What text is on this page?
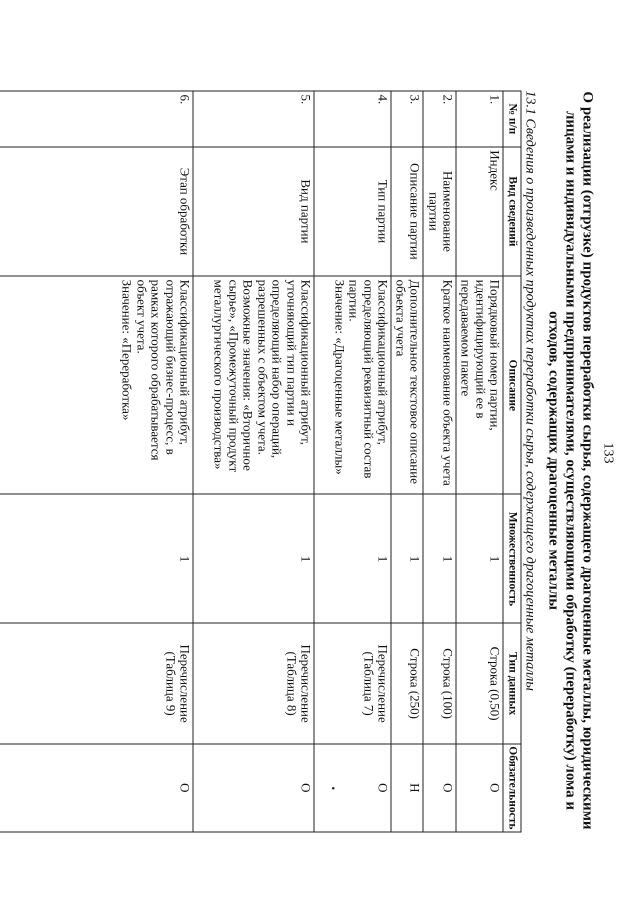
133
О реализации (отгрузке) продуктов переработки сырья, содержащего драгоценные металлы, юридическими лицами и индивидуальными предпринимателями, осуществляющими обработку (переработку) лома и отходов, содержащих драгоценные металлы
13.1 Сведения о произведенных продуктах переработки сырья, содержащего драгоценные металлы
№ п/п	Вид сведений	Описание	Множественность	Тип данных	Обязательность
1.	Индекс	Порядковый номер партии, идентифицирующий ее в передаваемом пакете	1	Строка (0,50)	О
2.	Наименование партии	Краткое наименование объекта учета	1	Строка (100)	О
3.	Описание партии	Дополнительное текстовое описание объекта учета	1	Строка (250)	Н
4.	Тип партии	Классификационный атрибут, определяющий реквизитный состав партии.
Значение: «Драгоценные металлы»	1	Перечисление (Таблица 7)	О
5.	Вид партии	Классификационный атрибут, уточняющий тип партии и определяющий набор операций, разрешенных с объектом учета.
Возможные значения: «Вторичное сырье», «Промежуточный продукт металлургического производства»	1	Перечисление (Таблица 8)	О
6.	Этап обработки	Классификационный атрибут, отражающий бизнес-процесс, в рамках которого обрабатывается объект учета.
Значение: «Переработка»	1	Перечисление (Таблица 9)	О	•
